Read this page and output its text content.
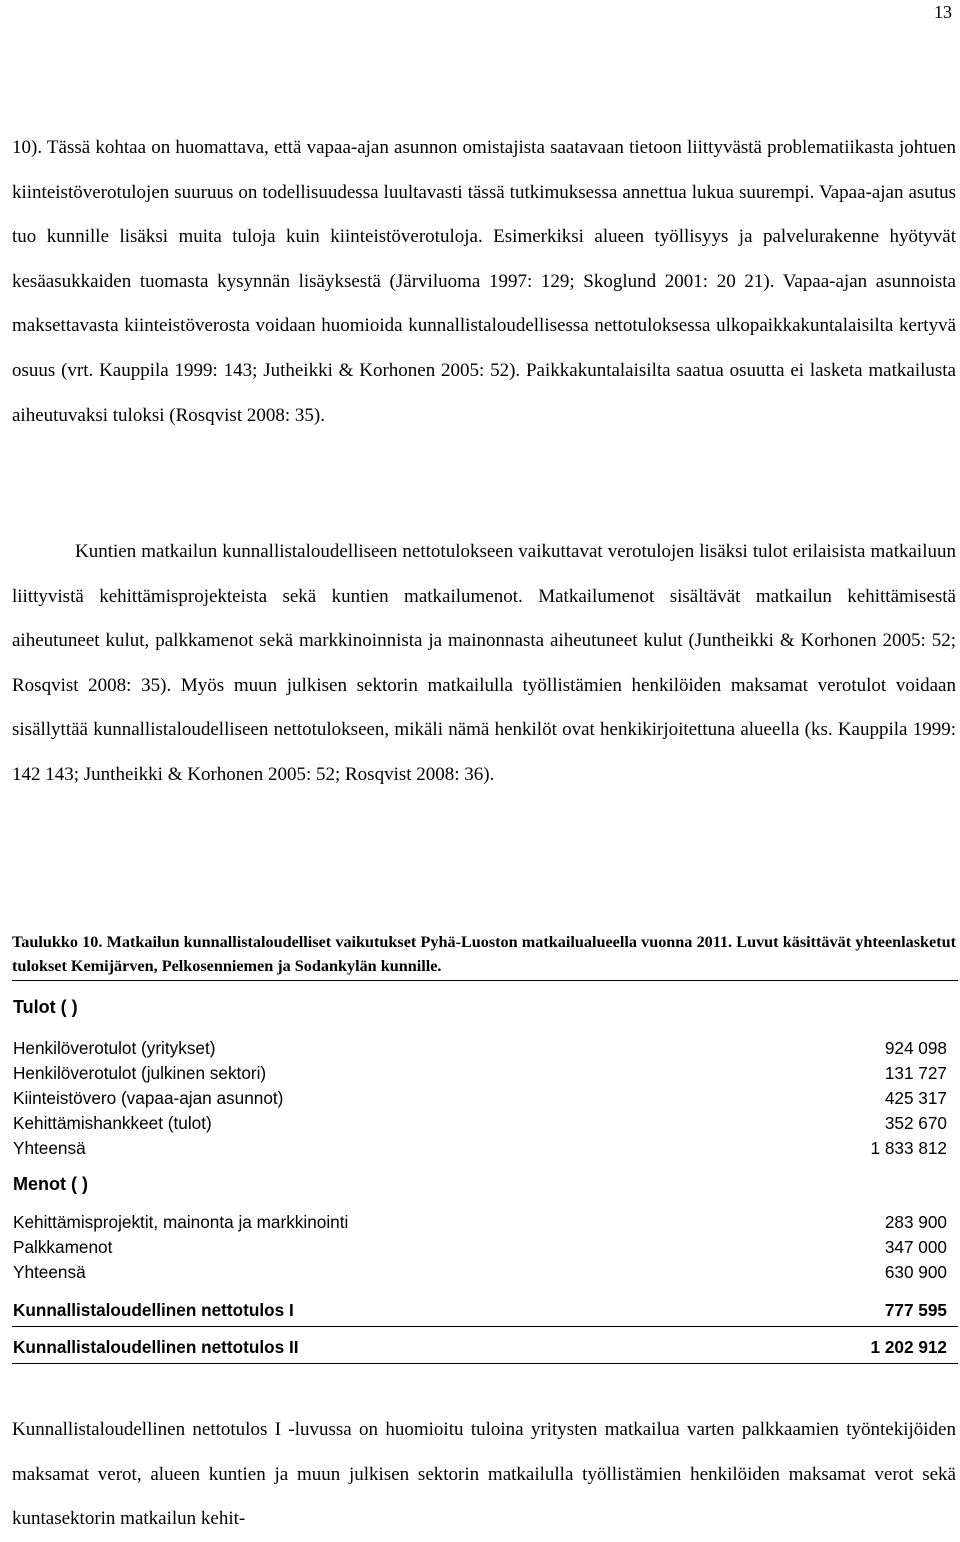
13

10). Tässä kohtaa on huomattava, että vapaa-ajan asunnon omistajista saatavaan tietoon liittyvästä problematiikasta johtuen kiinteistöverotulojen suuruus on todellisuudessa luultavasti tässä tutkimuksessa annettua lukua suurempi. Vapaa-ajan asutus tuo kunnille lisäksi muita tuloja kuin kiinteistöverotuloja. Esimerkiksi alueen työllisyys ja palvelurakenne hyötyvät kesäasukkaiden tuomasta kysynnän lisäyksestä (Järviluoma 1997: 129; Skoglund 2001: 20 21). Vapaa-ajan asunnoista maksettavasta kiinteistöverosta voidaan huomioida kunnallistaloudellisessa nettotuloksessa ulkopaikkakuntalaisilta kertyvä osuus (vrt. Kauppila 1999: 143; Jutheikki & Korhonen 2005: 52). Paikkakuntalaisilta saatua osuutta ei lasketa matkailusta aiheutuvaksi tuloksi (Rosqvist 2008: 35).

Kuntien matkailun kunnallistaloudelliseen nettotulokseen vaikuttavat verotulojen lisäksi tulot erilaisista matkailuun liittyvistä kehittämisprojekteista sekä kuntien matkailumenot. Matkailumenot sisältävät matkailun kehittämisestä aiheutuneet kulut, palkkamenot sekä markkinoinnista ja mainonnasta aiheutuneet kulut (Juntheikki & Korhonen 2005: 52; Rosqvist 2008: 35). Myös muun julkisen sektorin matkailulla työllistämien henkilöiden maksamat verotulot voidaan sisällyttää kunnallistaloudelliseen nettotulokseen, mikäli nämä henkilöt ovat henkikirjoitettuna alueella (ks. Kauppila 1999: 142 143; Juntheikki & Korhonen 2005: 52; Rosqvist 2008: 36).

Taulukko 10. Matkailun kunnallistaloudelliset vaikutukset Pyhä-Luoston matkailualueella vuonna 2011. Luvut käsittävät yhteenlasketut tulokset Kemijärven, Pelkosenniemen ja Sodankylän kunnille.
Tulot ( )
Henkilöverotulot (yritykset)	924 098
Henkilöverotulot (julkinen sektori)	131 727
Kiinteistövero (vapaa-ajan asunnot)	425 317
Kehittämishankkeet (tulot)	352 670
Yhteensä	1 833 812
Menot ( )
Kehittämisprojektit, mainonta ja markkinointi	283 900
Palkkamenot	347 000
Yhteensä	630 900
Kunnallistaloudellinen nettotulos I	777 595
Kunnallistaloudellinen nettotulos II	1 202 912

Kunnallistaloudellinen nettotulos I -luvussa on huomioitu tuloina yritysten matkailua varten palkkaamien työntekijöiden maksamat verot, alueen kuntien ja muun julkisen sektorin matkailulla työllistämien henkilöiden maksamat verot sekä kuntasektorin matkailun kehit-
